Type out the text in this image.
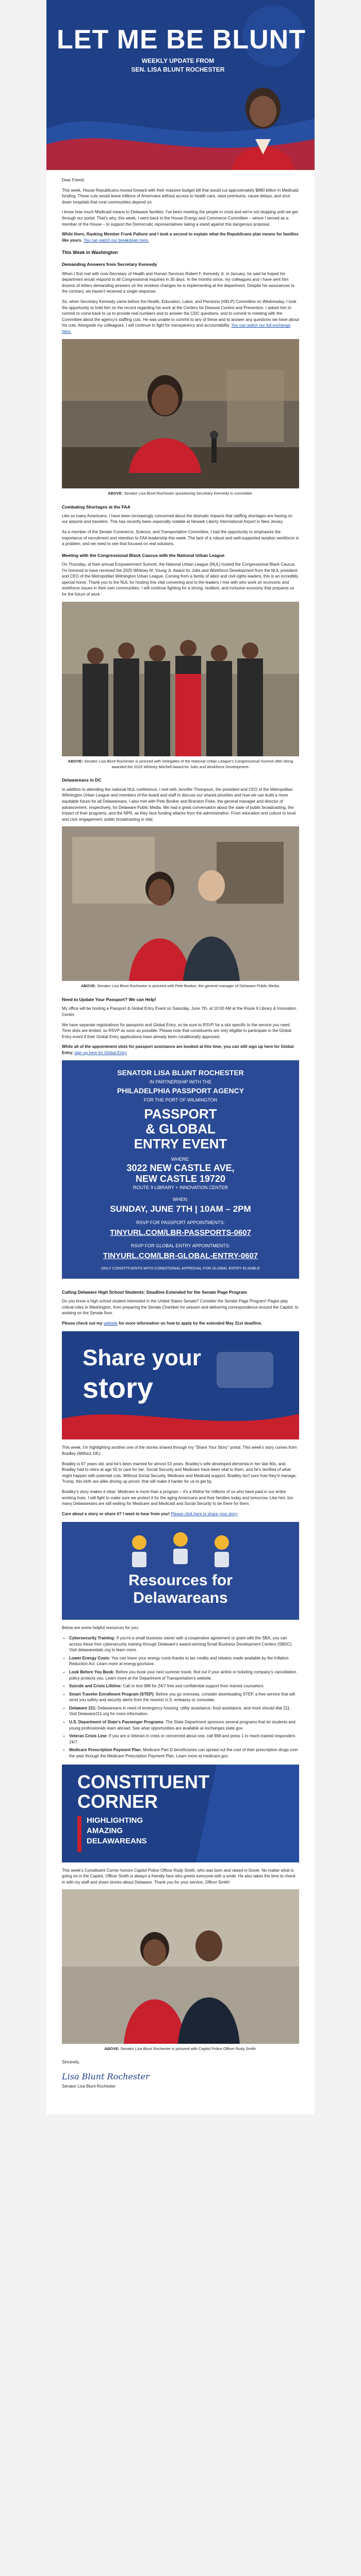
LET ME BE BLUNT
WEEKLY UPDATE FROM
SEN. LISA BLUNT ROCHESTER

Dear Friend,

This week, House Republicans moved forward with their massive budget bill that would cut approximately $880 billion in Medicaid funding. These cuts would leave millions of Americans without access to health care, raise premiums, cause delays, and shut down hospitals that rural communities depend on.

I know how much Medicaid means to Delaware families. I've been meeting the people in crisis and we're not stopping until we get through our portal. That's why, this week, I went back to the House Energy and Commerce Committee – where I served as a member of the House – to support the Democratic representatives taking a stand against this dangerous proposal.

While there, Ranking Member Frank Pallone and I took a second to explain what the Republicans plan means for families like yours. You can watch our breakdown here.

This Week in Washington
Demanding Answers from Secretary Kennedy

When I first met with now-Secretary of Health and Human Services Robert F. Kennedy Jr. in January, he said he hoped his department would respond to all Congressional inquiries in 30 days. In the months since, my colleagues and I have sent him dozens of letters demanding answers on the reckless changes he is implementing at the department. Despite his assurances to the contrary, we haven't received a single response.

So, when Secretary Kennedy came before the Health, Education, Labor, and Pensions (HELP) Committee on Wednesday, I took the opportunity to hold him on the record regarding his work at the Centers for Disease Control and Prevention. I asked him to commit to come back to us to provide real numbers and to answer the CDC questions, and to commit to meeting with the Committee about the agency's staffing cuts. He was unable to commit to any of these and to answer any questions we have about his cuts. Alongside my colleagues, I will continue to fight for transparency and accountability. You can watch our full exchange here.

ABOVE: Senator Lisa Blunt Rochester questioning Secretary Kennedy in committee.
Combating Shortages at the FAA

Like so many Americans, I have been increasingly concerned about the dramatic impacts that staffing shortages are having on our airports and travelers. This has recently been especially notable at Newark Liberty International Airport in New Jersey.

As a member of the Senate Commerce, Science, and Transportation Committee, I had the opportunity to emphasize the importance of recruitment and retention to FAA leadership this week. The lack of a robust and well-supported aviation workforce is a problem, and we need to see that focused on real solutions.

Meeting with the Congressional Black Caucus with the National Urban League

On Thursday, at their annual Empowerment Summit, the National Urban League (NUL) hosted the Congressional Black Caucus. I'm honored to have received the 2025 Whitney M. Young Jr. Award for Jobs and Workforce Development from the NUL president and CEO of the Metropolitan Wilmington Urban League. Coming from a family of labor and civil rights leaders, this is an incredibly special honor. Thank you to the NUL for hosting this vital convening and to the leaders I met with who work on economic and workforce issues in their own communities. I will continue fighting for a strong, resilient, and inclusive economy that prepares us for the future of work.

ABOVE: Senator Lisa Blunt Rochester is pictured with Delegates of the National Urban League's Congressional Summit after being awarded the 2025 Whitney Mitchell Award for Jobs and Workforce Development.
Delawareans in DC

In addition to attending the national NUL conference, I met with Jennifer Thompson, the president and CEO of the Metropolitan Wilmington Urban League and members of the board and staff to discuss our shared priorities and how we can build a more equitable future for all Delawareans. I also met with Pete Booker and Brandon Fiske, the general manager and director of advancement, respectively, for Delaware Public Media. We had a great conversation about the state of public broadcasting, the impact of their programs, and the NPR, as they face funding attacks from the administration. From education and culture to local and civic engagement, public broadcasting is vital.

ABOVE: Senator Lisa Blunt Rochester is pictured with Pete Booker, the general manager of Delaware Public Media.
Need to Update Your Passport? We can Help!

My office will be hosting a Passport & Global Entry Event on Saturday, June 7th, at 10:00 AM at the Route 9 Library & Innovation Center.

We have separate registrations for passports and Global Entry, so be sure to RSVP for a slot specific to the service you need. Time slots are limited, so RSVP as soon as possible. Please note that constituents are only eligible to participate in the Global Entry event if their Global Entry applications have already been conditionally approved.

While all of the appointment slots for passport assistance are booked at this time, you can still sign up here for Global Entry. sign up here for Global Entry

SENATOR LISA BLUNT ROCHESTER
IN PARTNERSHIP WITH THE
PHILADELPHIA PASSPORT AGENCY
FOR THE PORT OF WILMINGTON
PASSPORT
& GLOBAL
ENTRY EVENT
WHERE:
3022 NEW CASTLE AVE,
NEW CASTLE 19720
ROUTE 9 LIBRARY + INNOVATION CENTER
WHEN:
SUNDAY, JUNE 7TH | 10AM – 2PM
RSVP FOR PASSPORT APPOINTMENTS:
TINYURL.COM/LBR-PASSPORTS-0607
RSVP FOR GLOBAL ENTRY APPOINTMENTS:
TINYURL.COM/LBR-GLOBAL-ENTRY-0607
ONLY CONSTITUENTS WITH CONDITIONAL APPROVAL FOR GLOBAL ENTRY ELIGIBLE
Calling Delaware High School Students: Deadline Extended for the Senate Page Program

Do you know a high school student interested in the United States Senate? Consider the Senate Page Program! Pages play critical roles in Washington, from preparing the Senate Chamber for session and delivering correspondence around the Capitol, to working on the Senate floor.

Please check out my website for more information on how to apply by the extended May 31st deadline.

Share your
story

This week, I'm highlighting another one of the stories shared through my "Share Your Story" portal. This week's story comes from Bradley (Milford, DE).

Bradley is 67 years old, and he's been married for almost 53 years. Bradley's wife developed dementia in her late 60s, and Bradley had to retire at age 55 to care for her. Social Security and Medicare have been vital to them, and he's terrified of what might happen with potential cuts. Without Social Security, Medicare and Medicaid support, Bradley isn't sure how they'd manage. Trump, this birth are alike driving up prices: that will make it harder for us to get by.

Bradley's story makes it clear: Medicare is more than a program – it's a lifeline for millions of us who have paid in our entire working lives. I will fight to make sure we protect it for the aging Americans and their families today and tomorrow. Like him, too many Delawareans are still waiting for Medicare and Medicaid and Social Security to be there for them.

Care about a story or share it? I want to hear from you! Please click here to share your story.

Resources for
Delawareans

Below are some helpful resources for you:

• Cybersecurity Training: If you're a small business owner with a cooperative agreement or grant with the SBA, you can access these free cybersecurity training through Delaware's award-winning Small Business Development Centers (SBDC). Visit delawaresbdc.org to learn more.
• Lower Energy Costs: You can lower your energy costs thanks to tax credits and rebates made available by the Inflation Reduction Act. Learn more at energy.gov/save.
• Look Before You Book: Before you book your next summer travel, find out if your airline or ticketing company's cancellation policy protects you. Learn more at the Department of Transportation's website.
• Suicide and Crisis Lifeline: Call or text 988 for 24/7 free and confidential support from trained counselors.
• Smart Traveler Enrollment Program (STEP): Before you go overseas, consider downloading STEP, a free service that will send you safety and security alerts from the nearest U.S. embassy or consulate.
• Delaware 211: Delawareans in need of emergency housing, utility assistance, food assistance, and more should dial 211. Visit Delaware211.org for more information.
• U.S. Department of State's Passenger Programs: The State Department sponsors several programs that let students and young professionals learn abroad. See what opportunities are available at exchanges.state.gov.
• Veteran Crisis Line: If you are a Veteran in crisis or concerned about one, call 988 and press 1 to reach trained responders 24/7.
• Medicare Prescription Payment Plan: Medicare Part D beneficiaries can spread out the cost of their prescription drugs over the year through the Medicare Prescription Payment Plan. Learn more at medicare.gov.
CONSTITUENT
CORNER
HIGHLIGHTING
AMAZING
DELAWAREANS

This week's Constituent Corner honors Capitol Police Officer Rudy Smith, who was born and raised in Dover. No matter what is going on in the Capitol, Officer Smith is always a friendly face who greets everyone with a smile. He also takes the time to check in with my staff and share stories about Delaware. Thank you for your service, Officer Smith!

ABOVE: Senator Lisa Blunt Rochester is pictured with Capitol Police Officer Rudy Smith.

Sincerely,

Lisa Blunt Rochester

Senator Lisa Blunt Rochester
